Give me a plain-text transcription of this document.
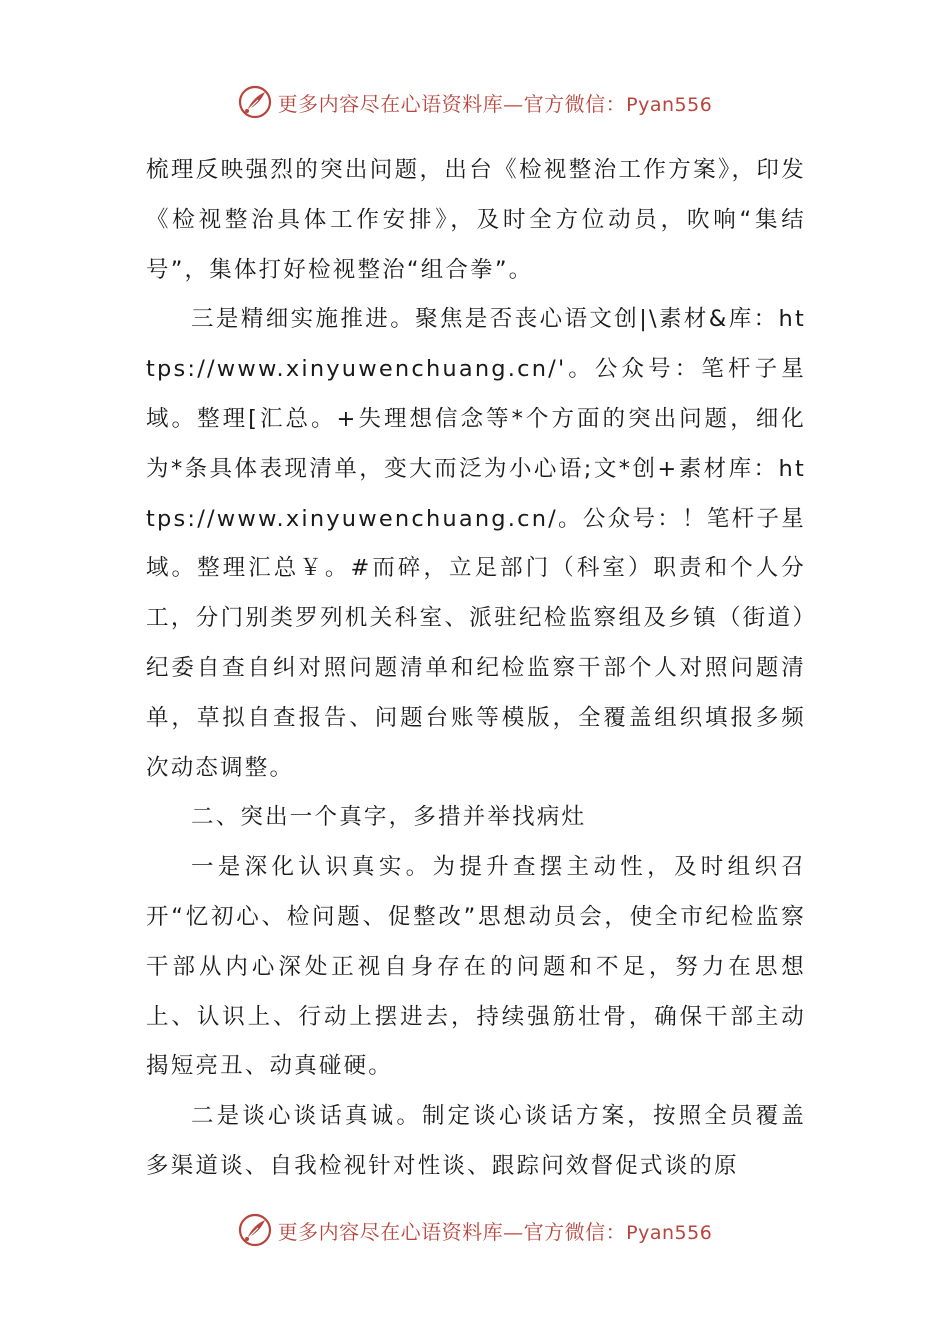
更多内容尽在心语资料库—官方微信：Pyan556

梳理反映强烈的突出问题，出台《检视整治工作方案》，印发《检视整治具体工作安排》，及时全方位动员，吹响“集结号”，集体打好检视整治“组合拳”。

三是精细实施推进。聚焦是否丧心语文创|\素材&库：https://www.xinyuwenchuang.cn/'。公众号：笔杆子星域。整理[汇总。+失理想信念等*个方面的突出问题，细化为*条具体表现清单，变大而泛为小心语;文*创+素材库：https://www.xinyuwenchuang.cn/。公众号：！笔杆子星域。整理汇总￥。#而碎，立足部门（科室）职责和个人分工，分门别类罗列机关科室、派驻纪检监察组及乡镇（街道）纪委自查自纠对照问题清单和纪检监察干部个人对照问题清单，草拟自查报告、问题台账等模版，全覆盖组织填报多频次动态调整。

二、突出一个真字，多措并举找病灶

一是深化认识真实。为提升查摆主动性，及时组织召开“忆初心、检问题、促整改”思想动员会，使全市纪检监察干部从内心深处正视自身存在的问题和不足，努力在思想上、认识上、行动上摆进去，持续强筋壮骨，确保干部主动揭短亮丑、动真碰硬。

二是谈心谈话真诚。制定谈心谈话方案，按照全员覆盖多渠道谈、自我检视针对性谈、跟踪问效督促式谈的原

更多内容尽在心语资料库—官方微信：Pyan556
